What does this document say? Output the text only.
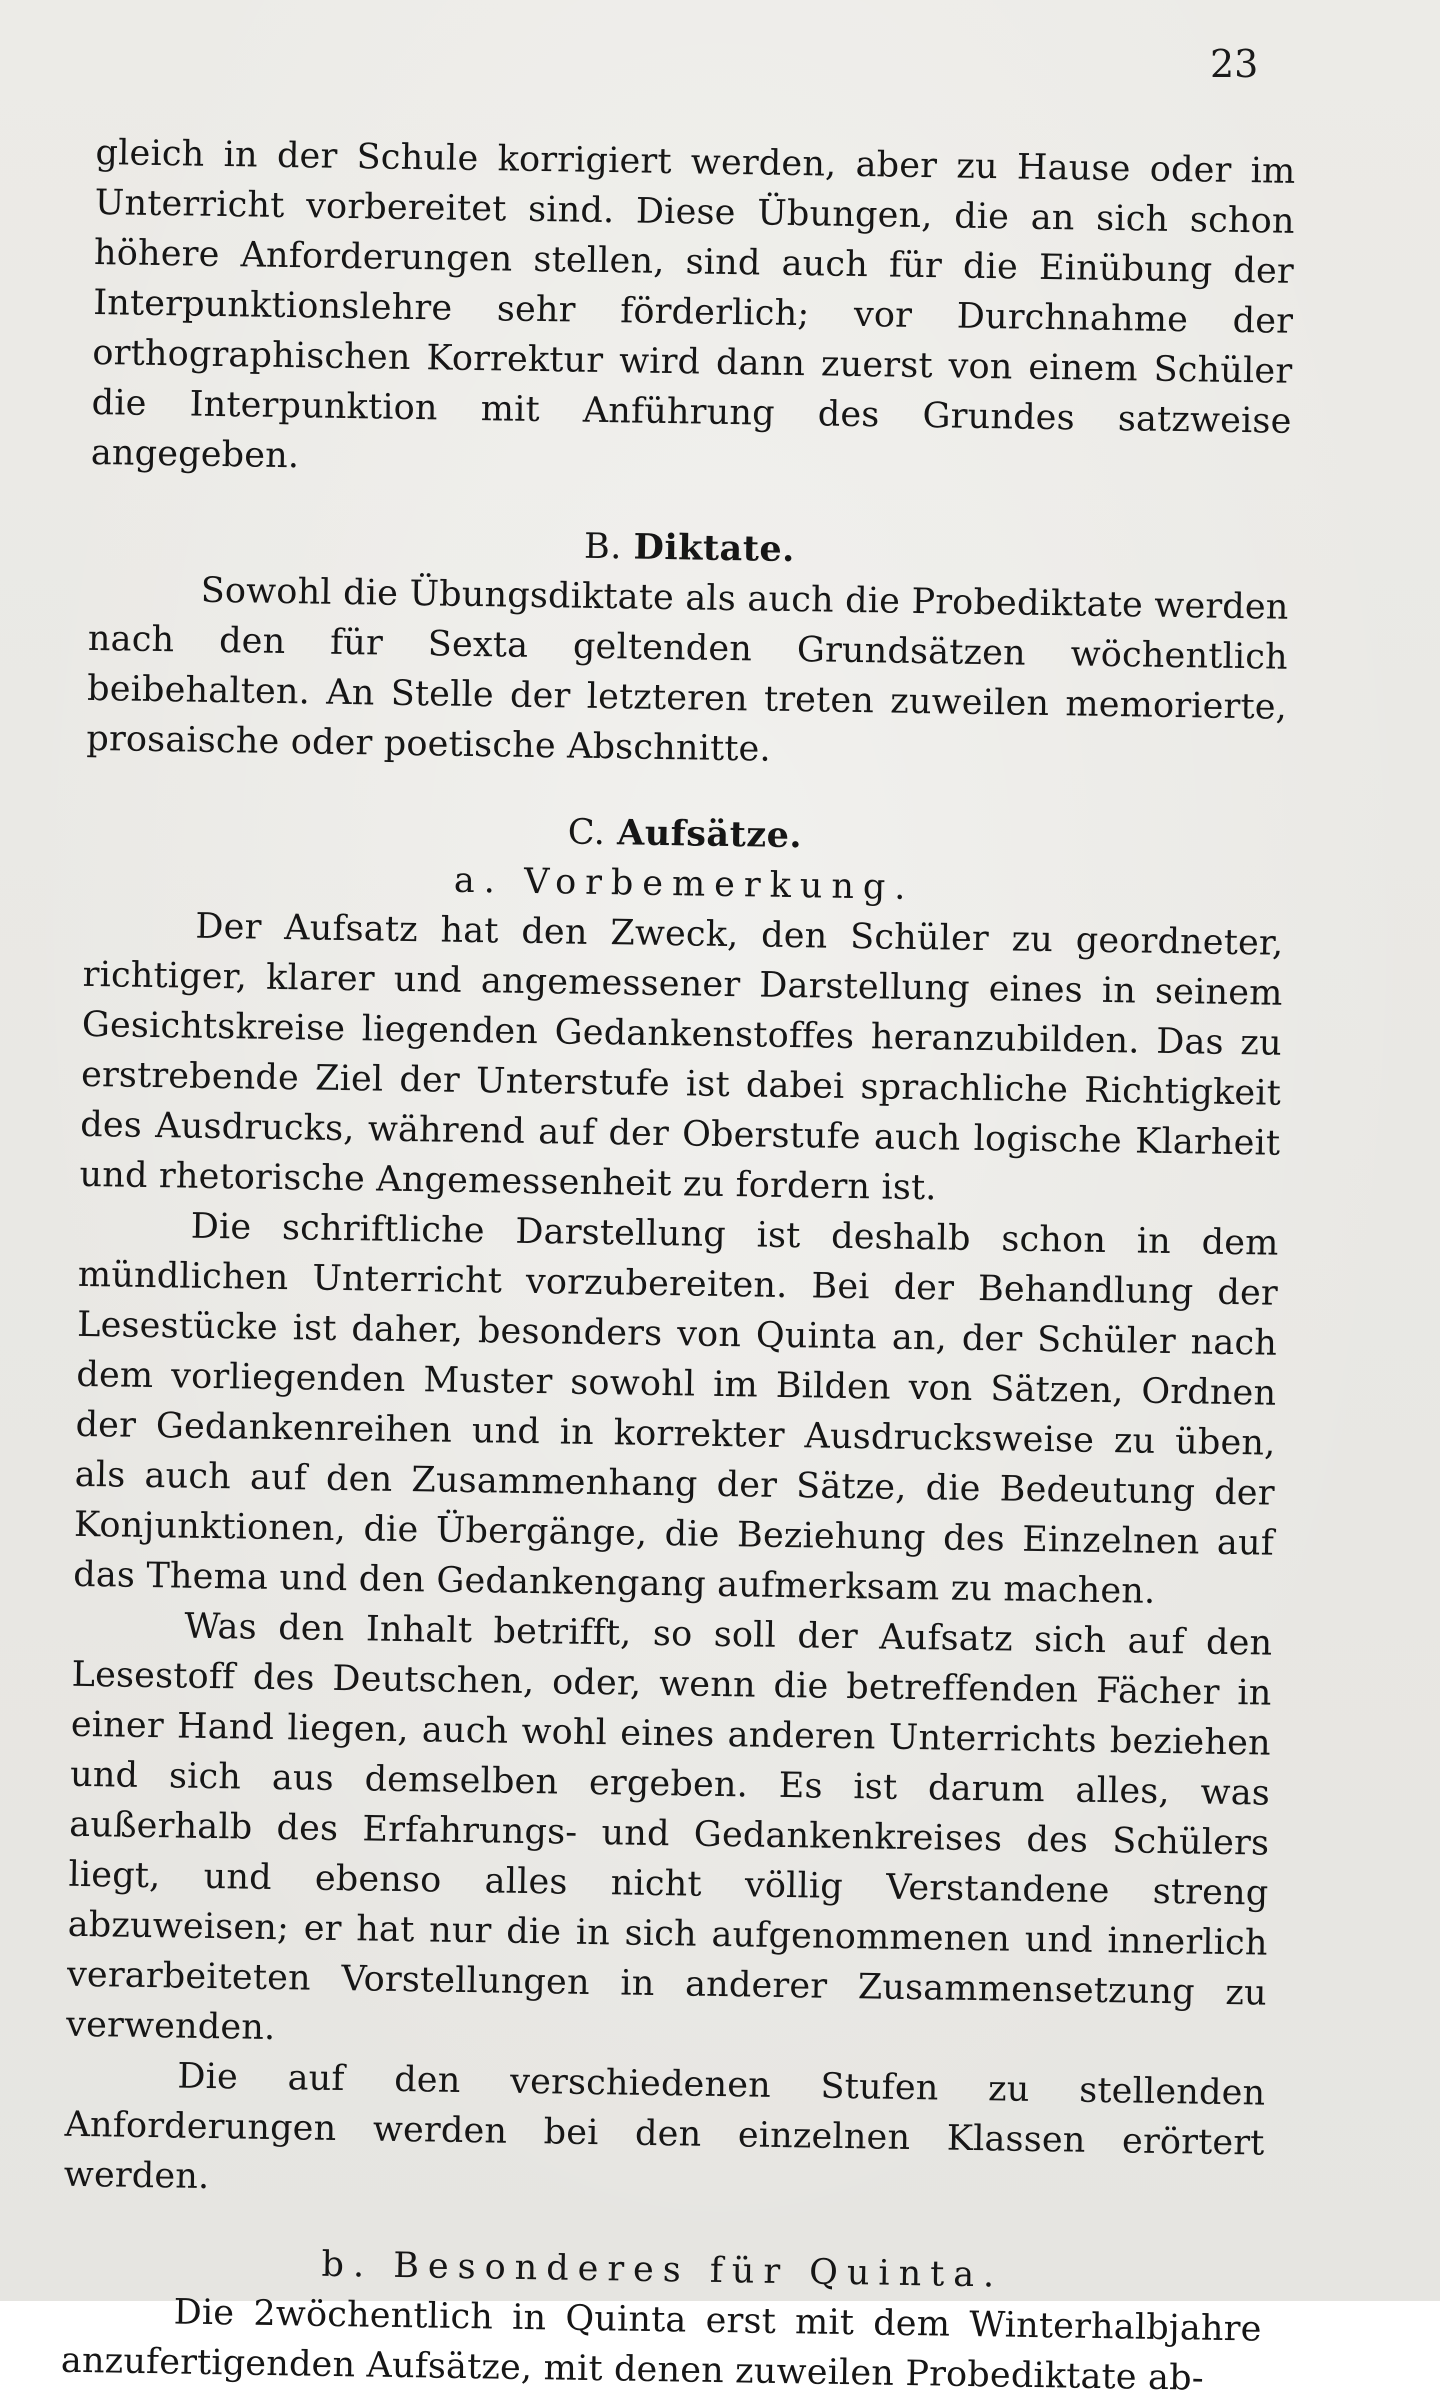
23

gleich in der Schule korrigiert werden, aber zu Hause oder im Unterricht vorbereitet sind. Diese Übungen, die an sich schon höhere Anforderungen stellen, sind auch für die Einübung der Interpunktionslehre sehr förderlich; vor Durchnahme der orthographischen Korrektur wird dann zuerst von einem Schüler die Interpunktion mit Anführung des Grundes satzweise angegeben.

B. Diktate.

Sowohl die Übungsdiktate als auch die Probediktate werden nach den für Sexta geltenden Grundsätzen wöchentlich beibehalten. An Stelle der letzteren treten zuweilen memorierte, prosaische oder poetische Abschnitte.

C. Aufsätze.

a. Vorbemerkung.

Der Aufsatz hat den Zweck, den Schüler zu geordneter, richtiger, klarer und angemessener Darstellung eines in seinem Gesichtskreise liegenden Gedankenstoffes heranzubilden. Das zu erstrebende Ziel der Unterstufe ist dabei sprachliche Richtigkeit des Ausdrucks, während auf der Oberstufe auch logische Klarheit und rhetorische Angemessenheit zu fordern ist.

Die schriftliche Darstellung ist deshalb schon in dem mündlichen Unterricht vorzubereiten. Bei der Behandlung der Lesestücke ist daher, besonders von Quinta an, der Schüler nach dem vorliegenden Muster sowohl im Bilden von Sätzen, Ordnen der Gedankenreihen und in korrekter Ausdrucksweise zu üben, als auch auf den Zusammenhang der Sätze, die Bedeutung der Konjunktionen, die Übergänge, die Beziehung des Einzelnen auf das Thema und den Gedankengang aufmerksam zu machen.

Was den Inhalt betrifft, so soll der Aufsatz sich auf den Lesestoff des Deutschen, oder, wenn die betreffenden Fächer in einer Hand liegen, auch wohl eines anderen Unterrichts beziehen und sich aus demselben ergeben. Es ist darum alles, was außerhalb des Erfahrungs- und Gedankenkreises des Schülers liegt, und ebenso alles nicht völlig Verstandene streng abzuweisen; er hat nur die in sich aufgenommenen und innerlich verarbeiteten Vorstellungen in anderer Zusammensetzung zu verwenden.

Die auf den verschiedenen Stufen zu stellenden Anforderungen werden bei den einzelnen Klassen erörtert werden.

b. Besonderes für Quinta.

Die 2wöchentlich in Quinta erst mit dem Winterhalbjahre anzufertigenden Aufsätze, mit denen zuweilen Probediktate ab-
